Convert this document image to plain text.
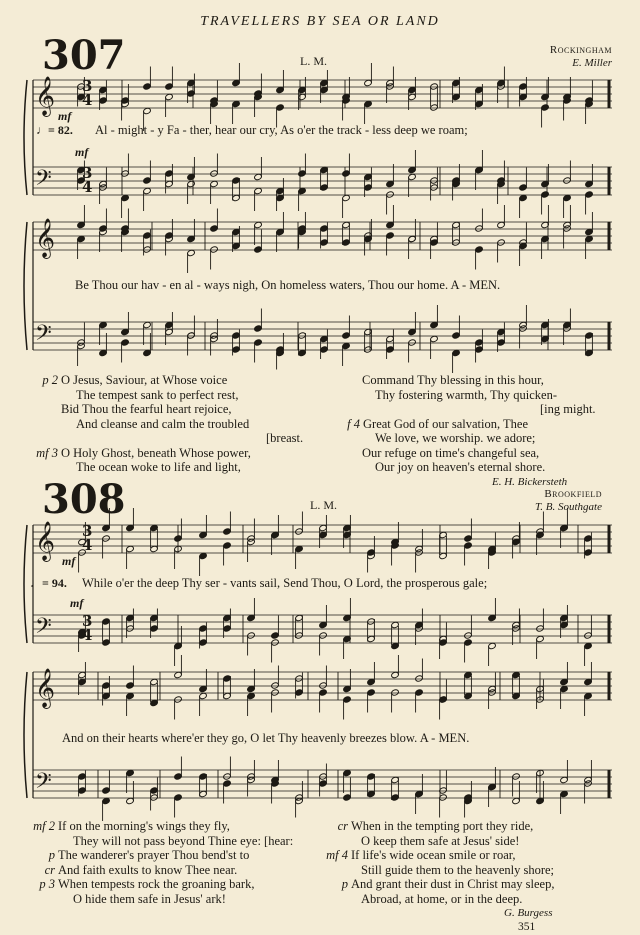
TRAVELLERS BY SEA OR LAND
𝄞
𝄢
𝄞
𝄢
𝄞
𝄢
𝄞
𝄢
3
4
3
4
3
4
3
4
307	L. M.
Rockingham
E. Miller
mf
♩= 82. Al - might - y Fa - ther, hear our cry, As o'er the track - less deep we roam;
mf
Be Thou our hav - en al - ways nigh, On homeless waters, Thou our home. A - MEN.
p 2 O Jesus, Saviour, at Whose voice
The tempest sank to perfect rest,
Bid Thou the fearful heart rejoice,
And cleanse and calm the troubled
[breast.
mf 3 O Holy Ghost, beneath Whose power,
The ocean woke to life and light,
Command Thy blessing in this hour,
Thy fostering warmth, Thy quicken-
[ing might.
f 4 Great God of our salvation, Thee
We love, we worship. we adore;
Our refuge on time's changeful sea,
Our joy on heaven's eternal shore.
E. H. Bickersteth
308	L. M.
Brookfield
T. B. Southgate
mf
♩= 94. While o'er the deep Thy ser - vants sail, Send Thou, O Lord, the prosperous gale;
mf
And on their hearts where'er they go, O let Thy heavenly breezes blow. A - MEN.
mf 2 If on the morning's wings they fly,
They will not pass beyond Thine eye: [hear:
p The wanderer's prayer Thou bend'st to
cr And faith exults to know Thee near.
p 3 When tempests rock the groaning bark,
O hide them safe in Jesus' ark!
cr When in the tempting port they ride,
O keep them safe at Jesus' side!
mf 4 If life's wide ocean smile or roar,
Still guide them to the heavenly shore;
p And grant their dust in Christ may sleep,
Abroad, at home, or in the deep.
G. Burgess
351
